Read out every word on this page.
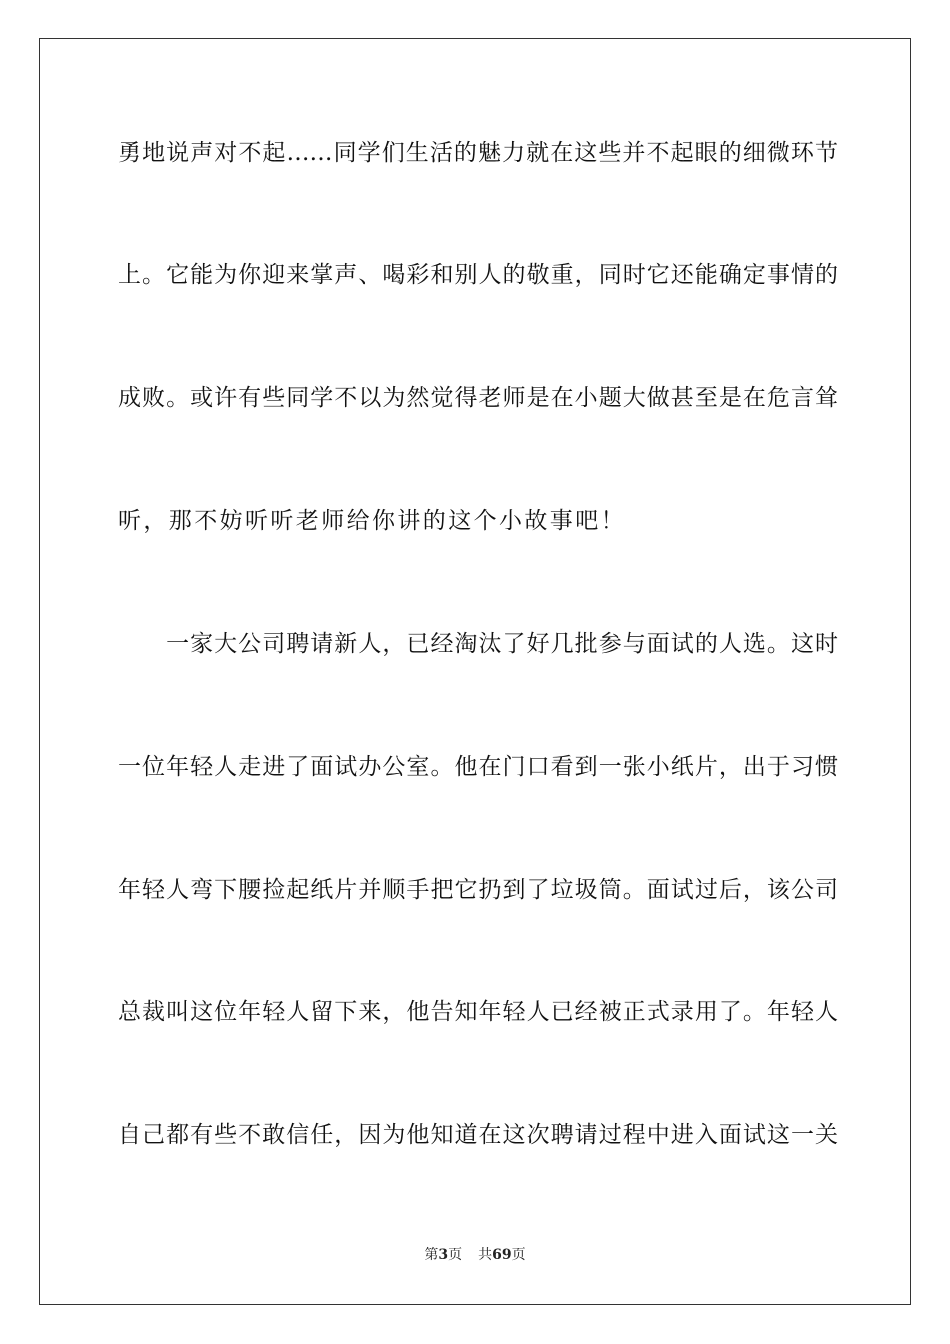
勇地说声对不起……同学们生活的魅力就在这些并不起眼的细微环节
上。它能为你迎来掌声、喝彩和别人的敬重，同时它还能确定事情的
成败。或许有些同学不以为然觉得老师是在小题大做甚至是在危言耸
听，那不妨听听老师给你讲的这个小故事吧！
　　一家大公司聘请新人，已经淘汰了好几批参与面试的人选。这时
一位年轻人走进了面试办公室。他在门口看到一张小纸片，出于习惯
年轻人弯下腰捡起纸片并顺手把它扔到了垃圾筒。面试过后，该公司
总裁叫这位年轻人留下来，他告知年轻人已经被正式录用了。年轻人
自己都有些不敢信任，因为他知道在这次聘请过程中进入面试这一关
第3页 共69页
